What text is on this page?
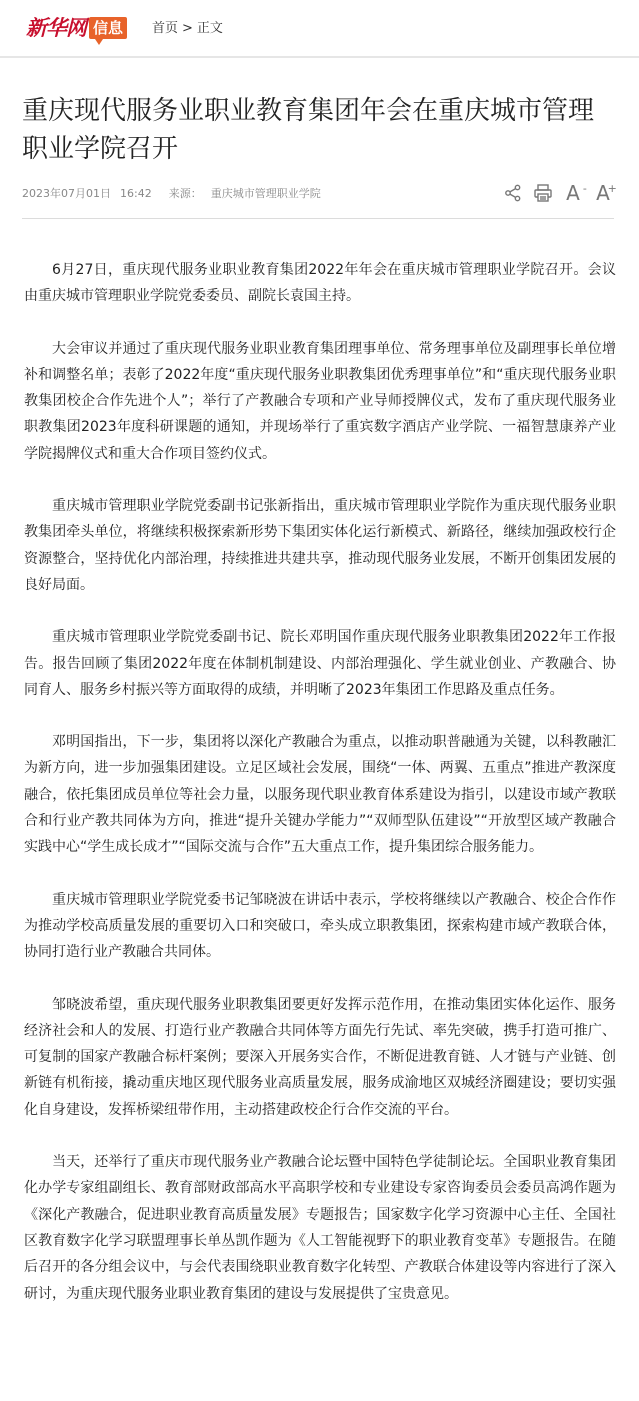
新华网 信息	首页 > 正文
重庆现代服务业职业教育集团年会在重庆城市管理职业学院召开
2023年07月01日 16:42 来源： 重庆城市管理职业学院	A - A
+

6月27日，重庆现代服务业职业教育集团2022年年会在重庆城市管理职业学院召开。会议由重庆城市管理职业学院党委委员、副院长袁国主持。

大会审议并通过了重庆现代服务业职业教育集团理事单位、常务理事单位及副理事长单位增补和调整名单；表彰了2022年度“重庆现代服务业职教集团优秀理事单位”和“重庆现代服务业职教集团校企合作先进个人”；举行了产教融合专项和产业导师授牌仪式，发布了重庆现代服务业职教集团2023年度科研课题的通知，并现场举行了重宾数字酒店产业学院、一福智慧康养产业学院揭牌仪式和重大合作项目签约仪式。

重庆城市管理职业学院党委副书记张新指出，重庆城市管理职业学院作为重庆现代服务业职教集团牵头单位，将继续积极探索新形势下集团实体化运行新模式、新路径，继续加强政校行企资源整合，坚持优化内部治理，持续推进共建共享，推动现代服务业发展，不断开创集团发展的良好局面。

重庆城市管理职业学院党委副书记、院长邓明国作重庆现代服务业职教集团2022年工作报告。报告回顾了集团2022年度在体制机制建设、内部治理强化、学生就业创业、产教融合、协同育人、服务乡村振兴等方面取得的成绩，并明晰了2023年集团工作思路及重点任务。

邓明国指出，下一步，集团将以深化产教融合为重点，以推动职普融通为关键，以科教融汇为新方向，进一步加强集团建设。立足区域社会发展，围绕“一体、两翼、五重点”推进产教深度融合，依托集团成员单位等社会力量，以服务现代职业教育体系建设为指引，以建设市域产教联合和行业产教共同体为方向，推进“提升关键办学能力”“双师型队伍建设”“开放型区域产教融合实践中心“学生成长成才”“国际交流与合作”五大重点工作，提升集团综合服务能力。

重庆城市管理职业学院党委书记邹晓波在讲话中表示，学校将继续以产教融合、校企合作作为推动学校高质量发展的重要切入口和突破口，牵头成立职教集团，探索构建市域产教联合体，协同打造行业产教融合共同体。

邹晓波希望，重庆现代服务业职教集团要更好发挥示范作用，在推动集团实体化运作、服务经济社会和人的发展、打造行业产教融合共同体等方面先行先试、率先突破，携手打造可推广、可复制的国家产教融合标杆案例；要深入开展务实合作，不断促进教育链、人才链与产业链、创新链有机衔接，撬动重庆地区现代服务业高质量发展，服务成渝地区双城经济圈建设；要切实强化自身建设，发挥桥梁纽带作用，主动搭建政校企行合作交流的平台。

当天，还举行了重庆市现代服务业产教融合论坛暨中国特色学徒制论坛。全国职业教育集团化办学专家组副组长、教育部财政部高水平高职学校和专业建设专家咨询委员会委员高鸿作题为《深化产教融合，促进职业教育高质量发展》专题报告；国家数字化学习资源中心主任、全国社区教育数字化学习联盟理事长单丛凯作题为《人工智能视野下的职业教育变革》专题报告。在随后召开的各分组会议中，与会代表围绕职业教育数字化转型、产教联合体建设等内容进行了深入研讨，为重庆现代服务业职业教育集团的建设与发展提供了宝贵意见。
